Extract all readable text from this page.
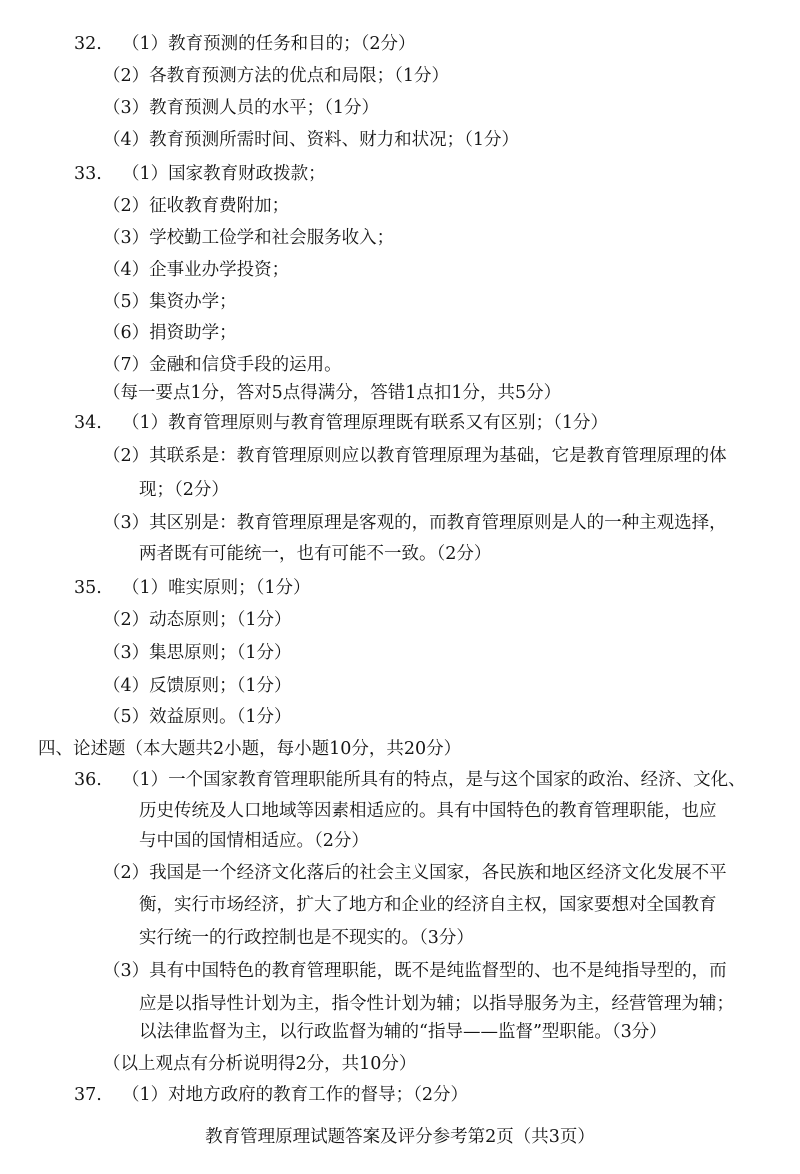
32. （1）教育预测的任务和目的；（2分）
（2）各教育预测方法的优点和局限；（1分）
（3）教育预测人员的水平；（1分）
（4）教育预测所需时间、资料、财力和状况；（1分）
33. （1）国家教育财政拨款；
（2）征收教育费附加；
（3）学校勤工俭学和社会服务收入；
（4）企事业办学投资；
（5）集资办学；
（6）捐资助学；
（7）金融和信贷手段的运用。
（每一要点1分，答对5点得满分，答错1点扣1分，共5分）
34. （1）教育管理原则与教育管理原理既有联系又有区别；（1分）
（2）其联系是：教育管理原则应以教育管理原理为基础，它是教育管理原理的体
现；（2分）
（3）其区别是：教育管理原理是客观的，而教育管理原则是人的一种主观选择，
两者既有可能统一，也有可能不一致。（2分）
35. （1）唯实原则；（1分）
（2）动态原则；（1分）
（3）集思原则；（1分）
（4）反馈原则；（1分）
（5）效益原则。（1分）
四、论述题（本大题共2小题，每小题10分，共20分）
36. （1）一个国家教育管理职能所具有的特点，是与这个国家的政治、经济、文化、
历史传统及人口地域等因素相适应的。具有中国特色的教育管理职能，也应
与中国的国情相适应。（2分）
（2）我国是一个经济文化落后的社会主义国家，各民族和地区经济文化发展不平
衡，实行市场经济，扩大了地方和企业的经济自主权，国家要想对全国教育
实行统一的行政控制也是不现实的。（3分）
（3）具有中国特色的教育管理职能，既不是纯监督型的、也不是纯指导型的，而
应是以指导性计划为主，指令性计划为辅；以指导服务为主，经营管理为辅；
以法律监督为主，以行政监督为辅的“指导——监督”型职能。（3分）
（以上观点有分析说明得2分，共10分）
37. （1）对地方政府的教育工作的督导；（2分）
教育管理原理试题答案及评分参考第2页（共3页）
